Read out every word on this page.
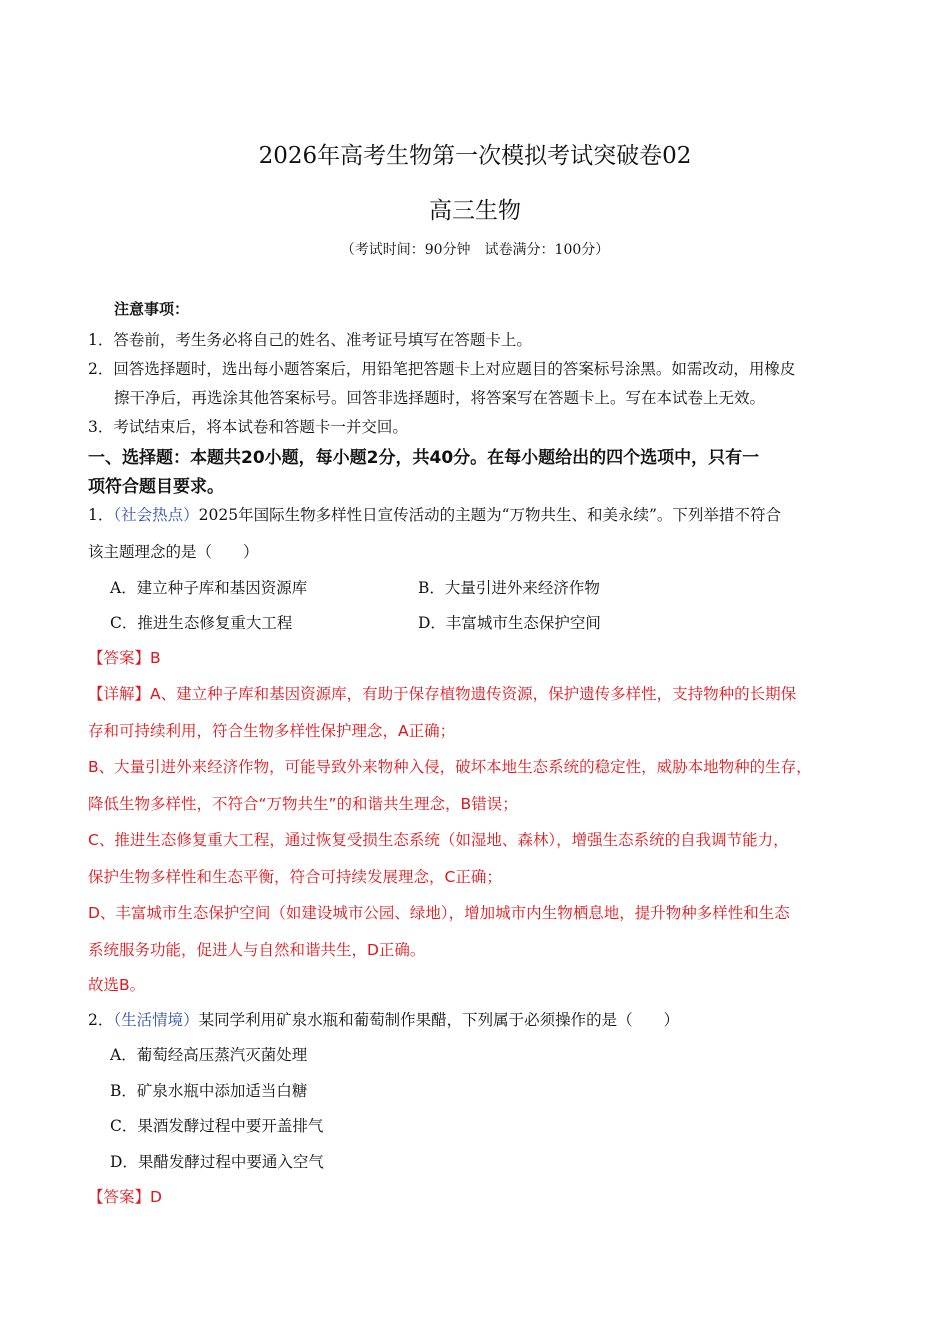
2026年高考生物第一次模拟考试突破卷02
高三生物
（考试时间：90分钟　试卷满分：100分）
注意事项：
1．答卷前，考生务必将自己的姓名、准考证号填写在答题卡上。
2．回答选择题时，选出每小题答案后，用铅笔把答题卡上对应题目的答案标号涂黑。如需改动，用橡皮
擦干净后，再选涂其他答案标号。回答非选择题时，将答案写在答题卡上。写在本试卷上无效。
3．考试结束后，将本试卷和答题卡一并交回。
一、选择题：本题共20小题，每小题2分，共40分。在每小题给出的四个选项中，只有一
项符合题目要求。
1．（社会热点）2025年国际生物多样性日宣传活动的主题为“万物共生、和美永续”。下列举措不符合
该主题理念的是（　　）
A．建立种子库和基因资源库	B．大量引进外来经济作物
C．推进生态修复重大工程	D．丰富城市生态保护空间
【答案】B
【详解】A、建立种子库和基因资源库，有助于保存植物遗传资源，保护遗传多样性，支持物种的长期保
存和可持续利用，符合生物多样性保护理念，A正确；
B、大量引进外来经济作物，可能导致外来物种入侵，破坏本地生态系统的稳定性，威胁本地物种的生存，
降低生物多样性，不符合“万物共生”的和谐共生理念，B错误；
C、推进生态修复重大工程，通过恢复受损生态系统（如湿地、森林），增强生态系统的自我调节能力，
保护生物多样性和生态平衡，符合可持续发展理念，C正确；
D、丰富城市生态保护空间（如建设城市公园、绿地），增加城市内生物栖息地，提升物种多样性和生态
系统服务功能，促进人与自然和谐共生，D正确。
故选B。
2．（生活情境）某同学利用矿泉水瓶和葡萄制作果醋，下列属于必须操作的是（　　）
A．葡萄经高压蒸汽灭菌处理
B．矿泉水瓶中添加适当白糖
C．果酒发酵过程中要开盖排气
D．果醋发酵过程中要通入空气
【答案】D
